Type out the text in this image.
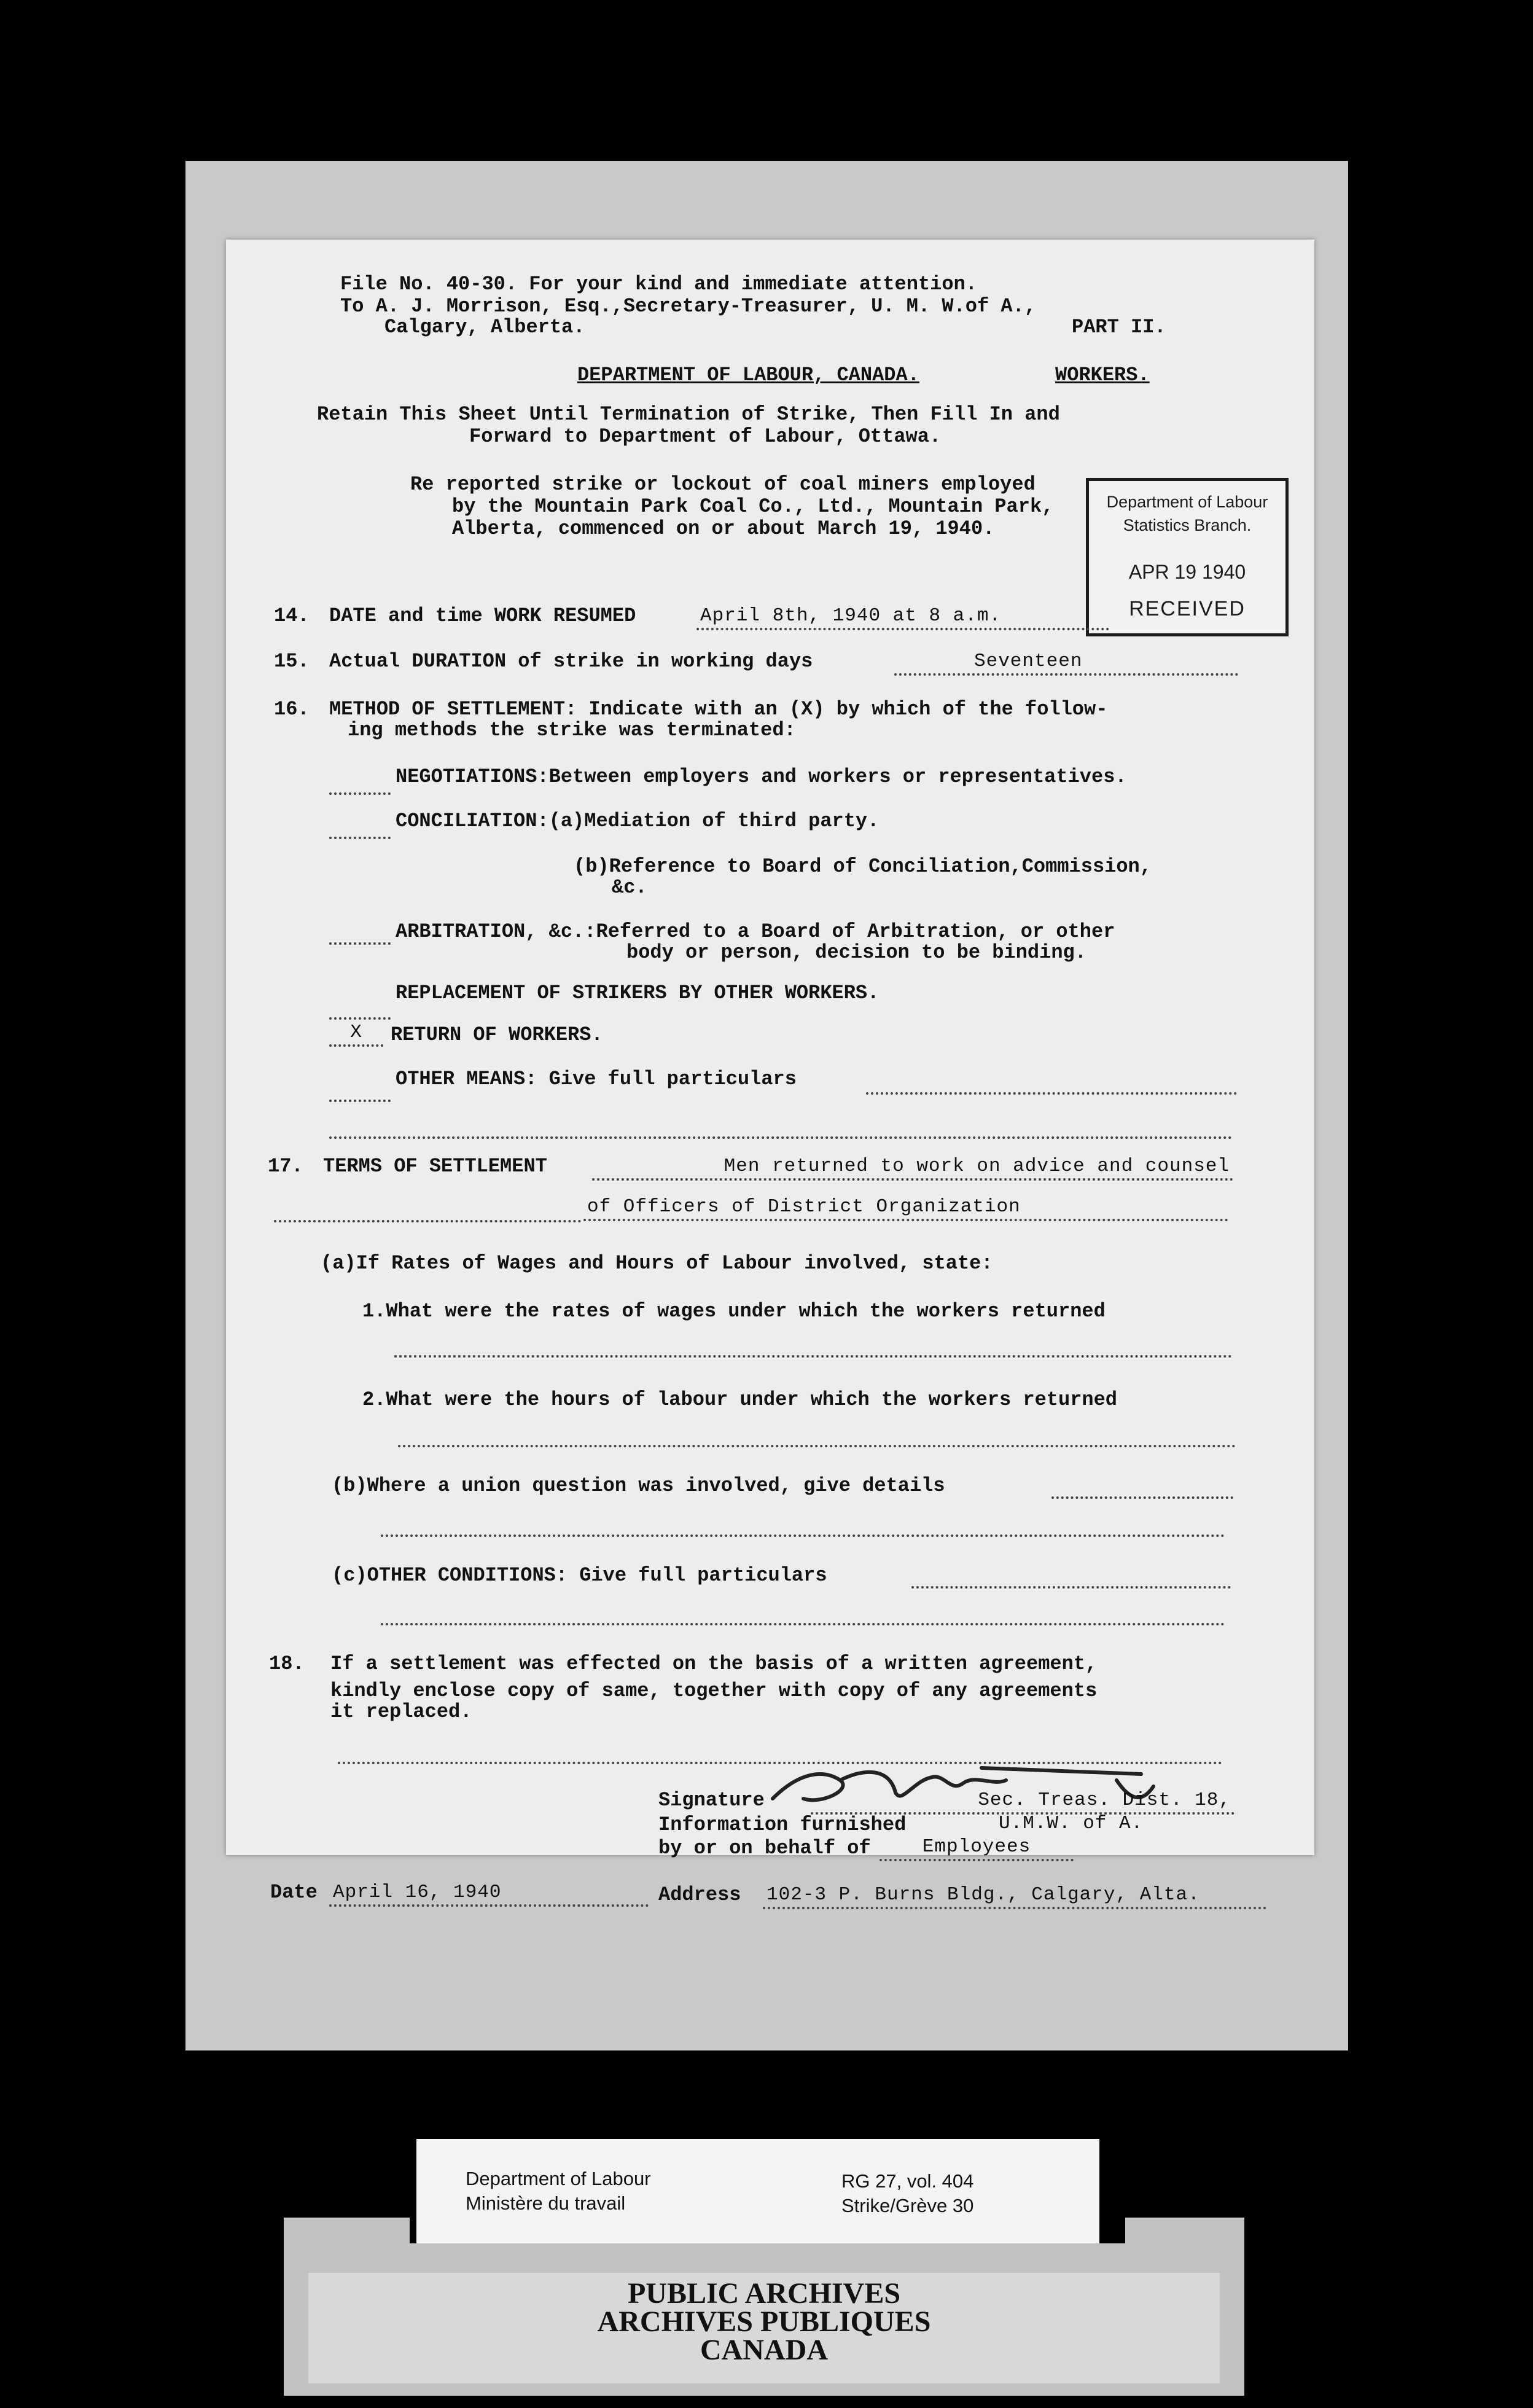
File No. 40-30. For your kind and immediate attention.
To A. J. Morrison, Esq.,Secretary-Treasurer, U. M. W.of A.,
Calgary, Alberta.	PART II.
DEPARTMENT OF LABOUR, CANADA.	WORKERS.
Retain This Sheet Until Termination of Strike, Then Fill In and
Forward to Department of Labour, Ottawa.
Re reported strike or lockout of coal miners employed
by the Mountain Park Coal Co., Ltd., Mountain Park,
Alberta, commenced on or about March 19, 1940.
Department of Labour
Statistics Branch.
APR 19 1940
RECEIVED
14. DATE and time WORK RESUMED	April 8th, 1940 at 8 a.m.
15. Actual DURATION of strike in working days	Seventeen
16. METHOD OF SETTLEMENT: Indicate with an (X) by which of the follow-
ing methods the strike was terminated:
NEGOTIATIONS:Between employers and workers or representatives.
CONCILIATION:(a)Mediation of third party.
(b)Reference to Board of Conciliation,Commission,
&c.
ARBITRATION, &c.:Referred to a Board of Arbitration, or other
body or person, decision to be binding.
REPLACEMENT OF STRIKERS BY OTHER WORKERS.
X	RETURN OF WORKERS.
OTHER MEANS: Give full particulars
17. TERMS OF SETTLEMENT	Men returned to work on advice and counsel
of Officers of District Organization
(a)If Rates of Wages and Hours of Labour involved, state:
1.What were the rates of wages under which the workers returned
2.What were the hours of labour under which the workers returned
(b)Where a union question was involved, give details
(c)OTHER CONDITIONS: Give full particulars
18. If a settlement was effected on the basis of a written agreement,
kindly enclose copy of same, together with copy of any agreements
it replaced.
Signature	Sec. Treas. Dist. 18,
Information furnished	U.M.W. of A.
by or on behalf of	Employees
Date April 16, 1940	Address 102-3 P. Burns Bldg., Calgary, Alta.
Department of Labour
Ministère du travail
RG 27, vol. 404
Strike/Grève 30
PUBLIC ARCHIVES
ARCHIVES PUBLIQUES
CANADA
